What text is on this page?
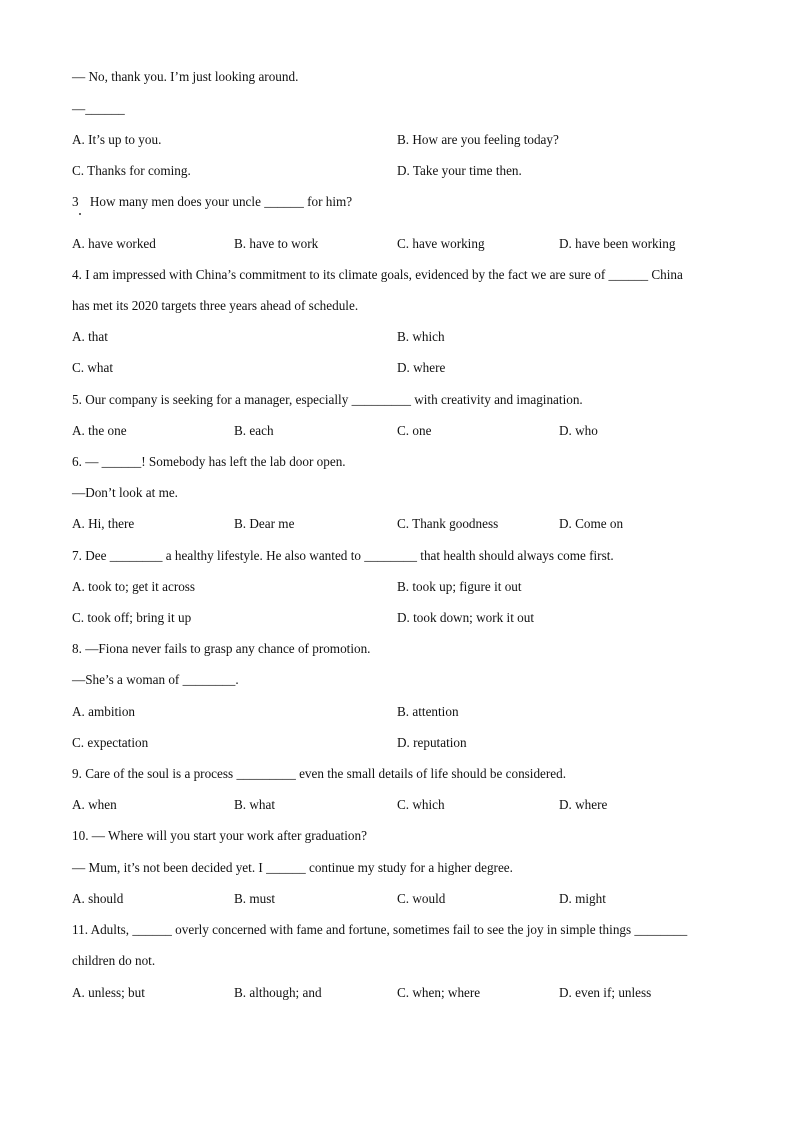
— No, thank you. I’m just looking around.
—______
A. It’s up to you.	B. How are you feeling today?
C. Thanks for coming.	D. Take your time then.
3 How many men does your uncle ______ for him?
A. have worked	B. have to work	C. have working	D. have been working
4. I am impressed with China’s commitment to its climate goals, evidenced by the fact we are sure of ______ China
has met its 2020 targets three years ahead of schedule.
A. that	B. which
C. what	D. where
5. Our company is seeking for a manager, especially _________ with creativity and imagination.
A. the one	B. each	C. one	D. who
6. — ______! Somebody has left the lab door open.
—Don’t look at me.
A. Hi, there	B. Dear me	C. Thank goodness	D. Come on
7. Dee ________ a healthy lifestyle. He also wanted to ________ that health should always come first.
A. took to; get it across	B. took up; figure it out
C. took off; bring it up	D. took down; work it out
8. —Fiona never fails to grasp any chance of promotion.
—She’s a woman of ________.
A. ambition	B. attention
C. expectation	D. reputation
9. Care of the soul is a process _________ even the small details of life should be considered.
A. when	B. what	C. which	D. where
10. — Where will you start your work after graduation?
— Mum, it’s not been decided yet. I ______ continue my study for a higher degree.
A. should	B. must	C. would	D. might
11. Adults, ______ overly concerned with fame and fortune, sometimes fail to see the joy in simple things ________
children do not.
A. unless; but	B. although; and	C. when; where	D. even if; unless
